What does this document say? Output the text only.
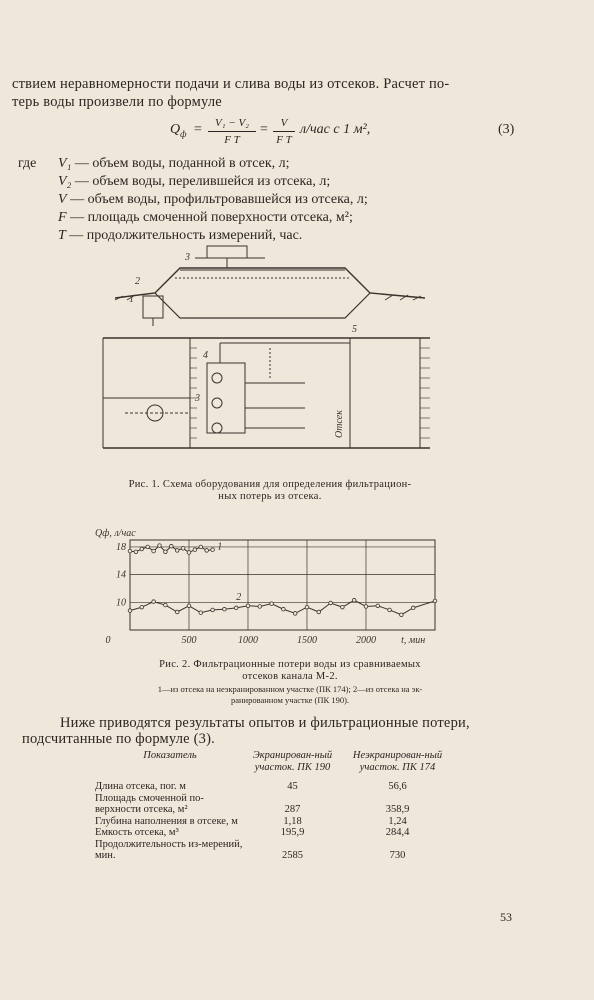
ствием неравномерности подачи и слива воды из отсеков. Расчет по-
терь воды произвели по формуле
$Q_ф$ =	V₁ − V₂
F T
=	V
F T
л/час с 1 м²,	(3)
где V₁ — объем воды, поданной в отсек, л;
V₂ — объем воды, перелившейся из отсека, л;
V — объем воды, профильтровавшейся из отсека, л;
F — площадь смоченной поверхности отсека, м²;
T — продолжительность измерений, час.
3
2
1
4
3
5
Отсек
Рис. 1. Схема оборудования для определения фильтрацион-
ных потерь из отсека.
18
14
10
0	500	1000	1500	2000	t, мин
Qф, л/час
1
2
Рис. 2. Фильтрационные потери воды из сравниваемых
отсеков канала М-2.
1—из отсека на неэкранированном участке (ПК 174); 2—из отсека на эк-
ранированном участке (ПК 190).
Ниже приводятся результаты опытов и фильтрационные потери,
подсчитанные по формуле (3).
Показатель	Экранирован-ный участок. ПК 190	Неэкранирован-ный участок. ПК 174

Длина отсека, пог. м	45	56,6
Площадь смоченной по-верхности отсека, м²	287	358,9
Глубина наполнения в отсеке, м	1,18	1,24
Емкость отсека, м³	195,9	284,4
Продолжительность из-мерений, мин.	2585	730
53
